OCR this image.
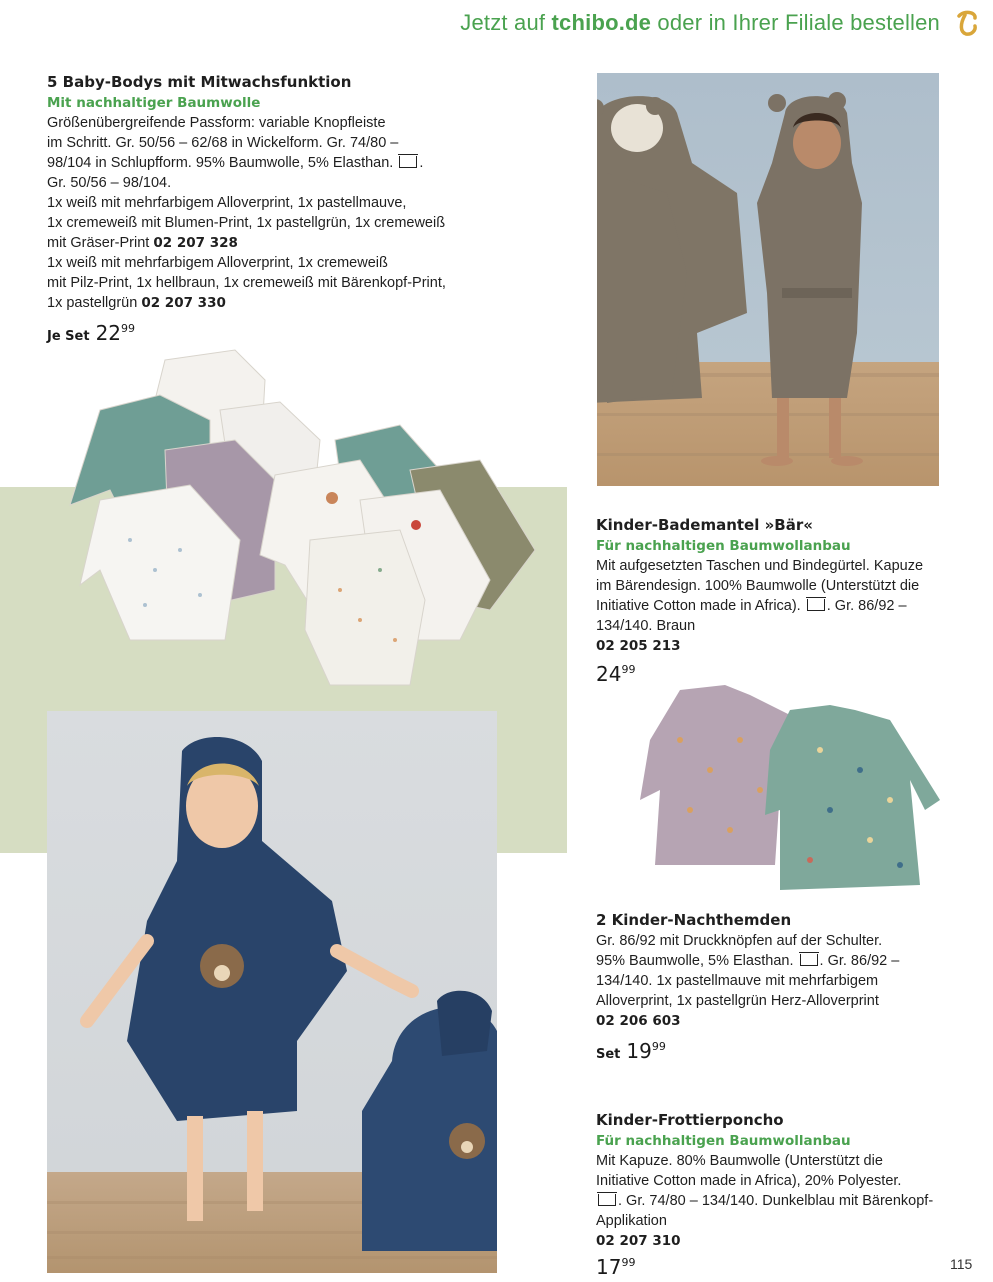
Jetzt auf tchibo.de oder in Ihrer Filiale bestellen
5 Baby-Bodys mit Mitwachsfunktion
Mit nachhaltiger Baumwolle
Größenübergreifende Passform: variable Knopfleiste
im Schritt. Gr. 50/56 – 62/68 in Wickelform. Gr. 74/80 –
98/104 in Schlupfform. 95% Baumwolle, 5% Elasthan. .
Gr. 50/56 – 98/104.
1x weiß mit mehrfarbigem Alloverprint, 1x pastellmauve,
1x cremeweiß mit Blumen-Print, 1x pastellgrün, 1x cremeweiß
mit Gräser-Print 02 207 328
1x weiß mit mehrfarbigem Alloverprint, 1x cremeweiß
mit Pilz-Print, 1x hellbraun, 1x cremeweiß mit Bärenkopf-Print,
1x pastellgrün 02 207 330
Je Set $22^{99}$
Kinder-Bademantel »Bär«
Für nachhaltigen Baumwollanbau
Mit aufgesetzten Taschen und Bindegürtel. Kapuze
im Bärendesign. 100% Baumwolle (Unterstützt die
Initiative Cotton made in Africa). . Gr. 86/92 –
134/140. Braun
02 205 213
$24^{99}$
2 Kinder-Nachthemden
Gr. 86/92 mit Druckknöpfen auf der Schulter.
95% Baumwolle, 5% Elasthan. . Gr. 86/92 –
134/140. 1x pastellmauve mit mehrfarbigem
Alloverprint, 1x pastellgrün Herz-Alloverprint
02 206 603
Set $19^{99}$
Kinder-Frottierponcho
Für nachhaltigen Baumwollanbau
Mit Kapuze. 80% Baumwolle (Unterstützt die
Initiative Cotton made in Africa), 20% Polyester.
. Gr. 74/80 – 134/140. Dunkelblau mit Bärenkopf-
Applikation
02 207 310
$17^{99}$	115
